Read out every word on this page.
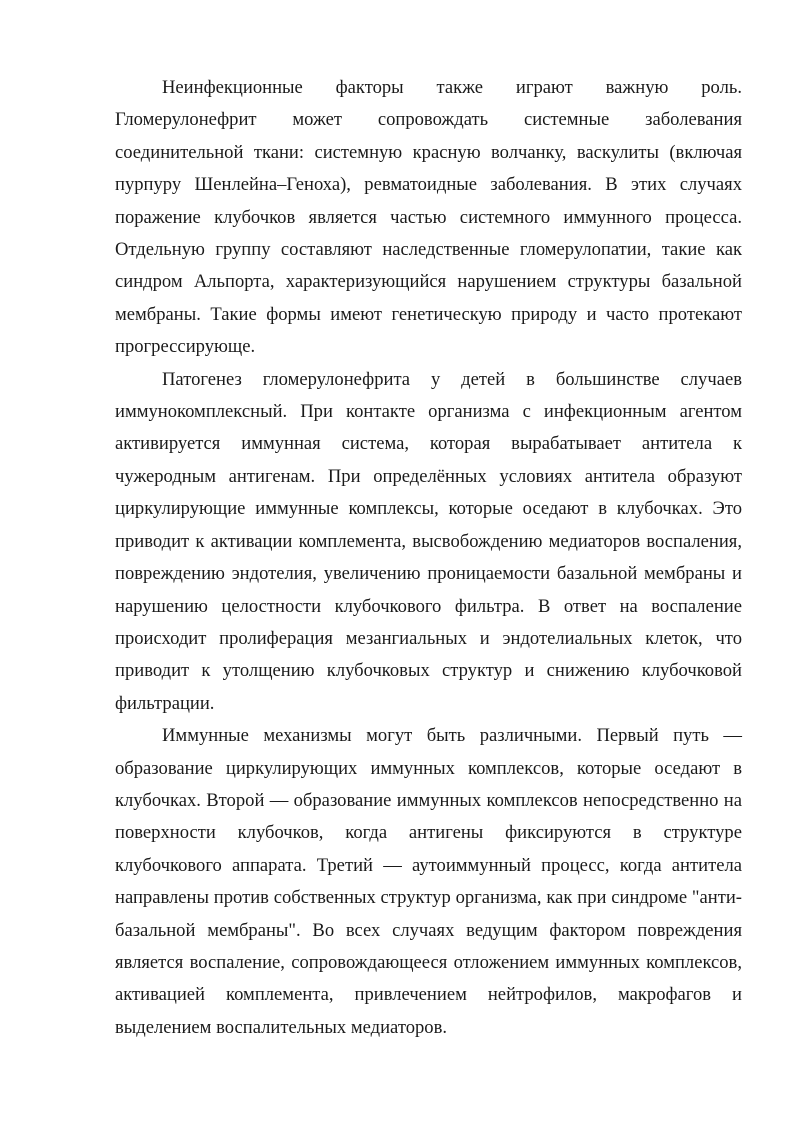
Неинфекционные факторы также играют важную роль. Гломерулонефрит может сопровождать системные заболевания соединительной ткани: системную красную волчанку, васкулиты (включая пурпуру Шенлейна–Геноха), ревматоидные заболевания. В этих случаях поражение клубочков является частью системного иммунного процесса. Отдельную группу составляют наследственные гломерулопатии, такие как синдром Альпорта, характеризующийся нарушением структуры базальной мембраны. Такие формы имеют генетическую природу и часто протекают прогрессирующе.

Патогенез гломерулонефрита у детей в большинстве случаев иммунокомплексный. При контакте организма с инфекционным агентом активируется иммунная система, которая вырабатывает антитела к чужеродным антигенам. При определённых условиях антитела образуют циркулирующие иммунные комплексы, которые оседают в клубочках. Это приводит к активации комплемента, высвобождению медиаторов воспаления, повреждению эндотелия, увеличению проницаемости базальной мембраны и нарушению целостности клубочкового фильтра. В ответ на воспаление происходит пролиферация мезангиальных и эндотелиальных клеток, что приводит к утолщению клубочковых структур и снижению клубочковой фильтрации.

Иммунные механизмы могут быть различными. Первый путь — образование циркулирующих иммунных комплексов, которые оседают в клубочках. Второй — образование иммунных комплексов непосредственно на поверхности клубочков, когда антигены фиксируются в структуре клубочкового аппарата. Третий — аутоиммунный процесс, когда антитела направлены против собственных структур организма, как при синдроме "анти-базальной мембраны". Во всех случаях ведущим фактором повреждения является воспаление, сопровождающееся отложением иммунных комплексов, активацией комплемента, привлечением нейтрофилов, макрофагов и выделением воспалительных медиаторов.
